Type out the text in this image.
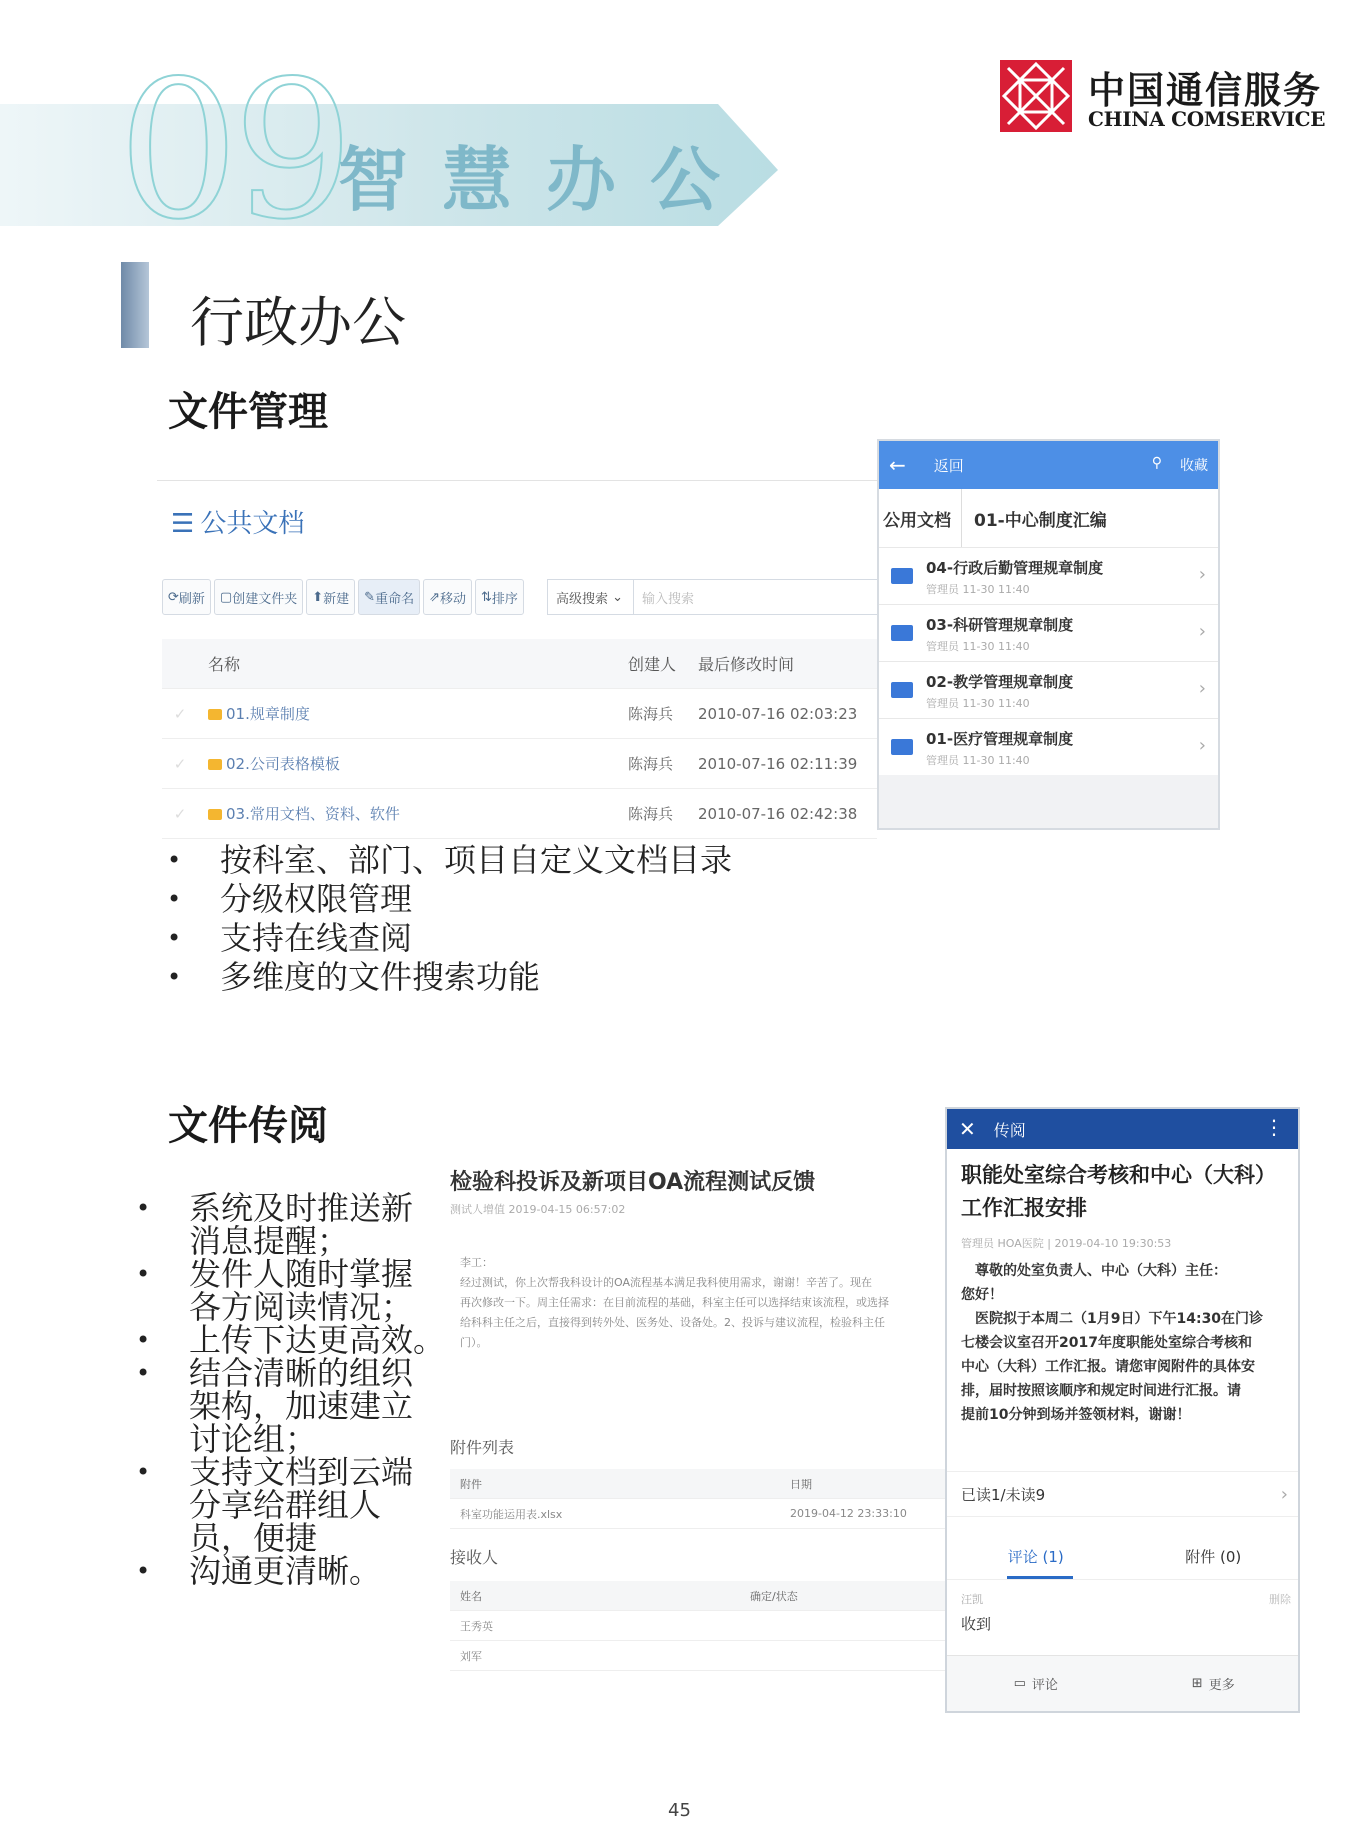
09
智慧办公
中国通信服务
CHINA COMSERVICE
行政办公
文件管理
☰ 公共文档
⟳ 刷新	▢ 创建文件夹	⬆ 新建	✎ 重命名	⇗ 移动	⇅ 排序	高级搜索
⌄	输入搜索
名称	创建人	最后修改时间
✓	01.规章制度	陈海兵	2010-07-16 02:03:23
✓	02.公司表格模板	陈海兵	2010-07-16 02:11:39
✓	03.常用文档、资料、软件	陈海兵	2010-07-16 02:42:38
← 返回	⚲ 收藏
公用文档	01-中心制度汇编
04-行政后勤管理规章制度
管理员 11-30 11:40
›
03-科研管理规章制度
管理员 11-30 11:40
›
02-教学管理规章制度
管理员 11-30 11:40
›
01-医疗管理规章制度
管理员 11-30 11:40
›
• 按科室、部门、项目自定义文档目录
• 分级权限管理
• 支持在线查阅
• 多维度的文件搜索功能
文件传阅
• 系统及时推送新消息提醒；
• 发件人随时掌握各方阅读情况；
• 上传下达更高效。
• 结合清晰的组织架构，加速建立讨论组；
• 支持文档到云端分享给群组人员，便捷
• 沟通更清晰。
检验科投诉及新项目OA流程测试反馈
测试人增值 2019-04-15 06:57:02

李工：

经过测试，你上次帮我科设计的OA流程基本满足我科使用需求，谢谢！辛苦了。现在

再次修改一下。周主任需求：在目前流程的基础，科室主任可以选择结束该流程，或选择

给科科主任之后，直接得到转外处、医务处、设备处。2、投诉与建议流程，检验科主任

门）。

附件列表
附件	日期
科室功能运用表.xlsx	2019-04-12 23:33:10
接收人
姓名	确定/状态
王秀英
刘军
✕ 传阅	⋮
职能处室综合考核和中心（大科）工作汇报安排
管理员 HOA医院 | 2019-04-10 19:30:53

尊敬的处室负责人、中心（大科）主任：

您好！

医院拟于本周二（1月9日）下午14:30在门诊

七楼会议室召开2017年度职能处室综合考核和

中心（大科）工作汇报。请您审阅附件的具体安

排，届时按照该顺序和规定时间进行汇报。请

提前10分钟到场并签领材料，谢谢！

已读1/未读9	›
评论 (1)	附件 (0)
汪凯	删除
收到
▭ 评论	⊞ 更多
45
